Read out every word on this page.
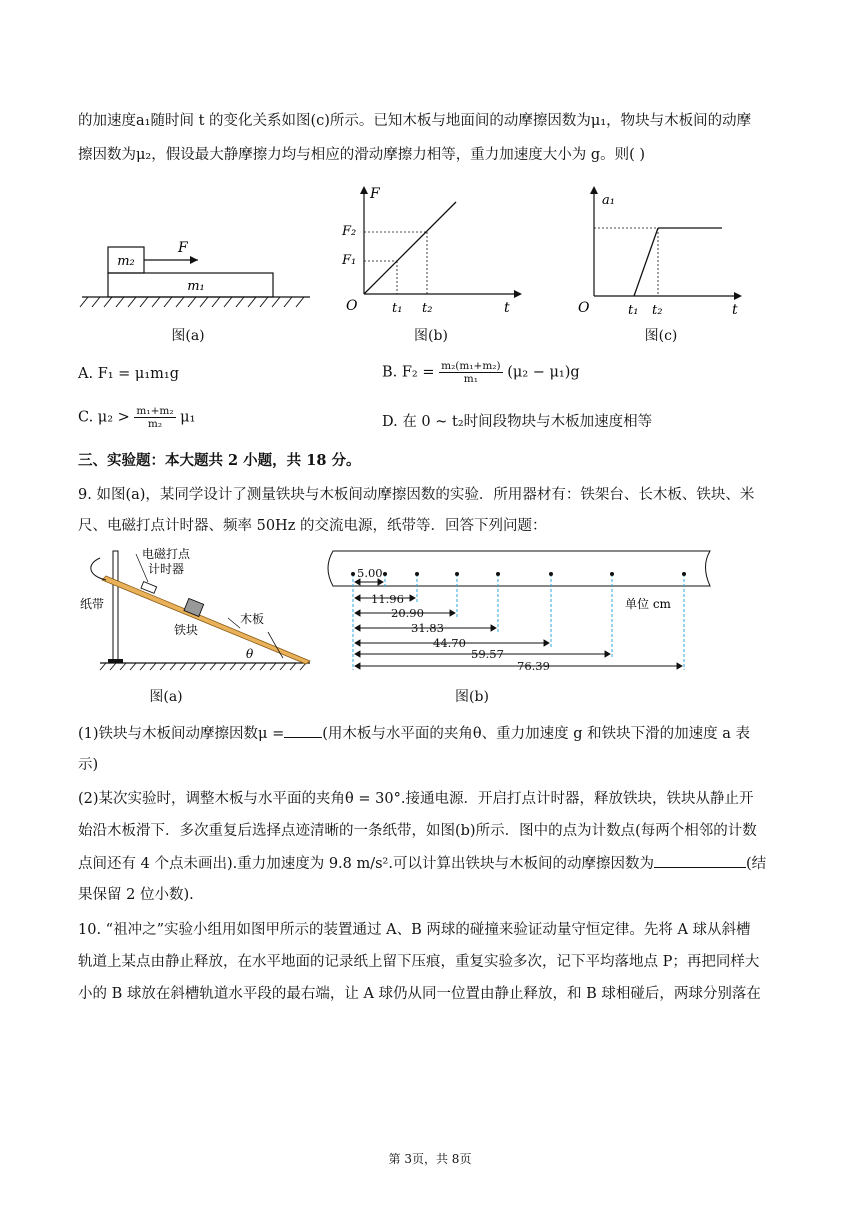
的加速度a₁随时间 t 的变化关系如图(c)所示。已知木板与地面间的动摩擦因数为μ₁，物块与木板间的动摩
擦因数为μ₂，假设最大静摩擦力均与相应的滑动摩擦力相等，重力加速度大小为 g。则( )
m₂
F
m₁
图(a)
F
O	t
F₁
F₂
t₁ t₂
图(b)
a₁
O	t
t₁ t₂
图(c)
A. F₁ = μ₁m₁g	B. $F_2 = \frac{\text{m₂(m₁+m₂)}}{\text{m₁}} (\mu_2 - \mu_1)g$
C. $\mu_2 > \frac{\text{m₁+m₂}}{\text{m₂}} \mu_1$	D. 在 0 ~ t₂时间段物块与木板加速度相等
三、实验题：本大题共 2 小题，共 18 分。
9. 如图(a)，某同学设计了测量铁块与木板间动摩擦因数的实验．所用器材有：铁架台、长木板、铁块、米
尺、电磁打点计时器、频率 50Hz 的交流电源，纸带等．回答下列问题：
电磁打点
计时器
纸带
铁块
木板
θ
图(a)
5.00
11.96
20.90
31.83
44.70
59.57
76.39
单位 cm
图(b)
(1)铁块与木板间动摩擦因数μ =	(用木板与水平面的夹角θ、重力加速度 g 和铁块下滑的加速度 a 表
示)
(2)某次实验时，调整木板与水平面的夹角θ = 30°.接通电源．开启打点计时器，释放铁块，铁块从静止开
始沿木板滑下．多次重复后选择点迹清晰的一条纸带，如图(b)所示．图中的点为计数点(每两个相邻的计数
点间还有 4 个点未画出).重力加速度为 9.8 m/s².可以计算出铁块与木板间的动摩擦因数为	(结
果保留 2 位小数).
10. “祖冲之”实验小组用如图甲所示的装置通过 A、B 两球的碰撞来验证动量守恒定律。先将 A 球从斜槽
轨道上某点由静止释放，在水平地面的记录纸上留下压痕，重复实验多次，记下平均落地点 P；再把同样大
小的 B 球放在斜槽轨道水平段的最右端，让 A 球仍从同一位置由静止释放，和 B 球相碰后，两球分别落在
第 3页，共 8页
